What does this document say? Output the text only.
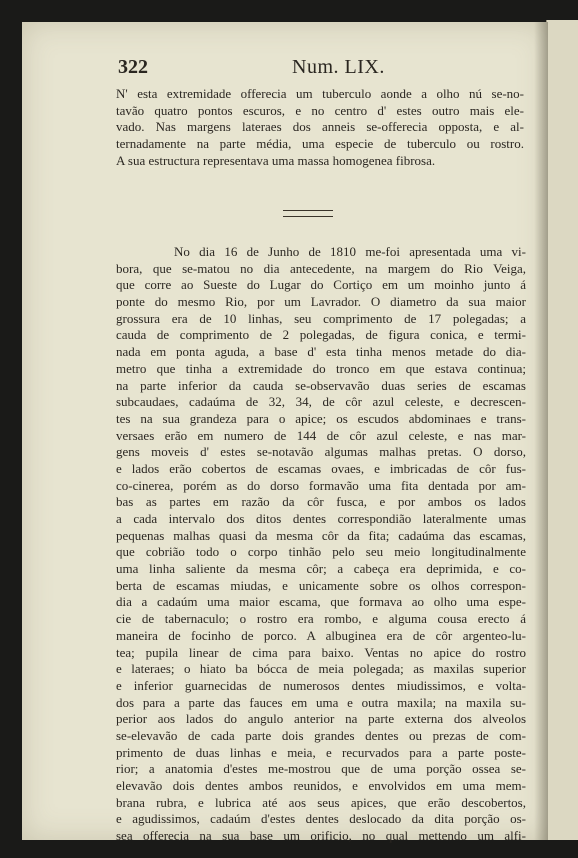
322	Num. LIX.
N' esta extremidade offerecia um tuberculo aonde a olho nú se-no-
tavão quatro pontos escuros, e no centro d' estes outro mais ele-
vado. Nas margens lateraes dos anneis se-offerecia opposta, e al-
ternadamente na parte média, uma especie de tuberculo ou rostro.
A sua estructura representava uma massa homogenea fibrosa.
No dia 16 de Junho de 1810 me-foi apresentada uma vi-
bora, que se-matou no dia antecedente, na margem do Rio Veiga,
que corre ao Sueste do Lugar do Cortiço em um moinho junto á
ponte do mesmo Rio, por um Lavrador. O diametro da sua maior
grossura era de 10 linhas, seu comprimento de 17 polegadas; a
cauda de comprimento de 2 polegadas, de figura conica, e termi-
nada em ponta aguda, a base d' esta tinha menos metade do dia-
metro que tinha a extremidade do tronco em que estava continua;
na parte inferior da cauda se-observavão duas series de escamas
subcaudaes, cadaúma de 32, 34, de côr azul celeste, e decrescen-
tes na sua grandeza para o apice; os escudos abdominaes e trans-
versaes erão em numero de 144 de côr azul celeste, e nas mar-
gens moveis d' estes se-notavão algumas malhas pretas. O dorso,
e lados erão cobertos de escamas ovaes, e imbricadas de côr fus-
co-cinerea, porém as do dorso formavão uma fita dentada por am-
bas as partes em razão da côr fusca, e por ambos os lados
a cada intervalo dos ditos dentes correspondião lateralmente umas
pequenas malhas quasi da mesma côr da fita; cadaúma das escamas,
que cobrião todo o corpo tinhão pelo seu meio longitudinalmente
uma linha saliente da mesma côr; a cabeça era deprimida, e co-
berta de escamas miudas, e unicamente sobre os olhos correspon-
dia a cadaúm uma maior escama, que formava ao olho uma espe-
cie de tabernaculo; o rostro era rombo, e alguma cousa erecto á
maneira de focinho de porco. A albuginea era de côr argenteo-lu-
tea; pupila linear de cima para baixo. Ventas no apice do rostro
e lateraes; o hiato ba bócca de meia polegada; as maxilas superior
e inferior guarnecidas de numerosos dentes miudissimos, e volta-
dos para a parte das fauces em uma e outra maxila; na maxila su-
perior aos lados do angulo anterior na parte externa dos alveolos
se-elevavão de cada parte dois grandes dentes ou prezas de com-
primento de duas linhas e meia, e recurvados para a parte poste-
rior; a anatomia d'estes me-mostrou que de uma porção ossea se-
elevavão dois dentes ambos reunidos, e envolvidos em uma mem-
brana rubra, e lubrica até aos seus apices, que erão descobertos,
e agudissimos, cadaúm d'estes dentes deslocado da dita porção os-
sea offerecia na sua base um orificio, no qual mettendo um alfi-
